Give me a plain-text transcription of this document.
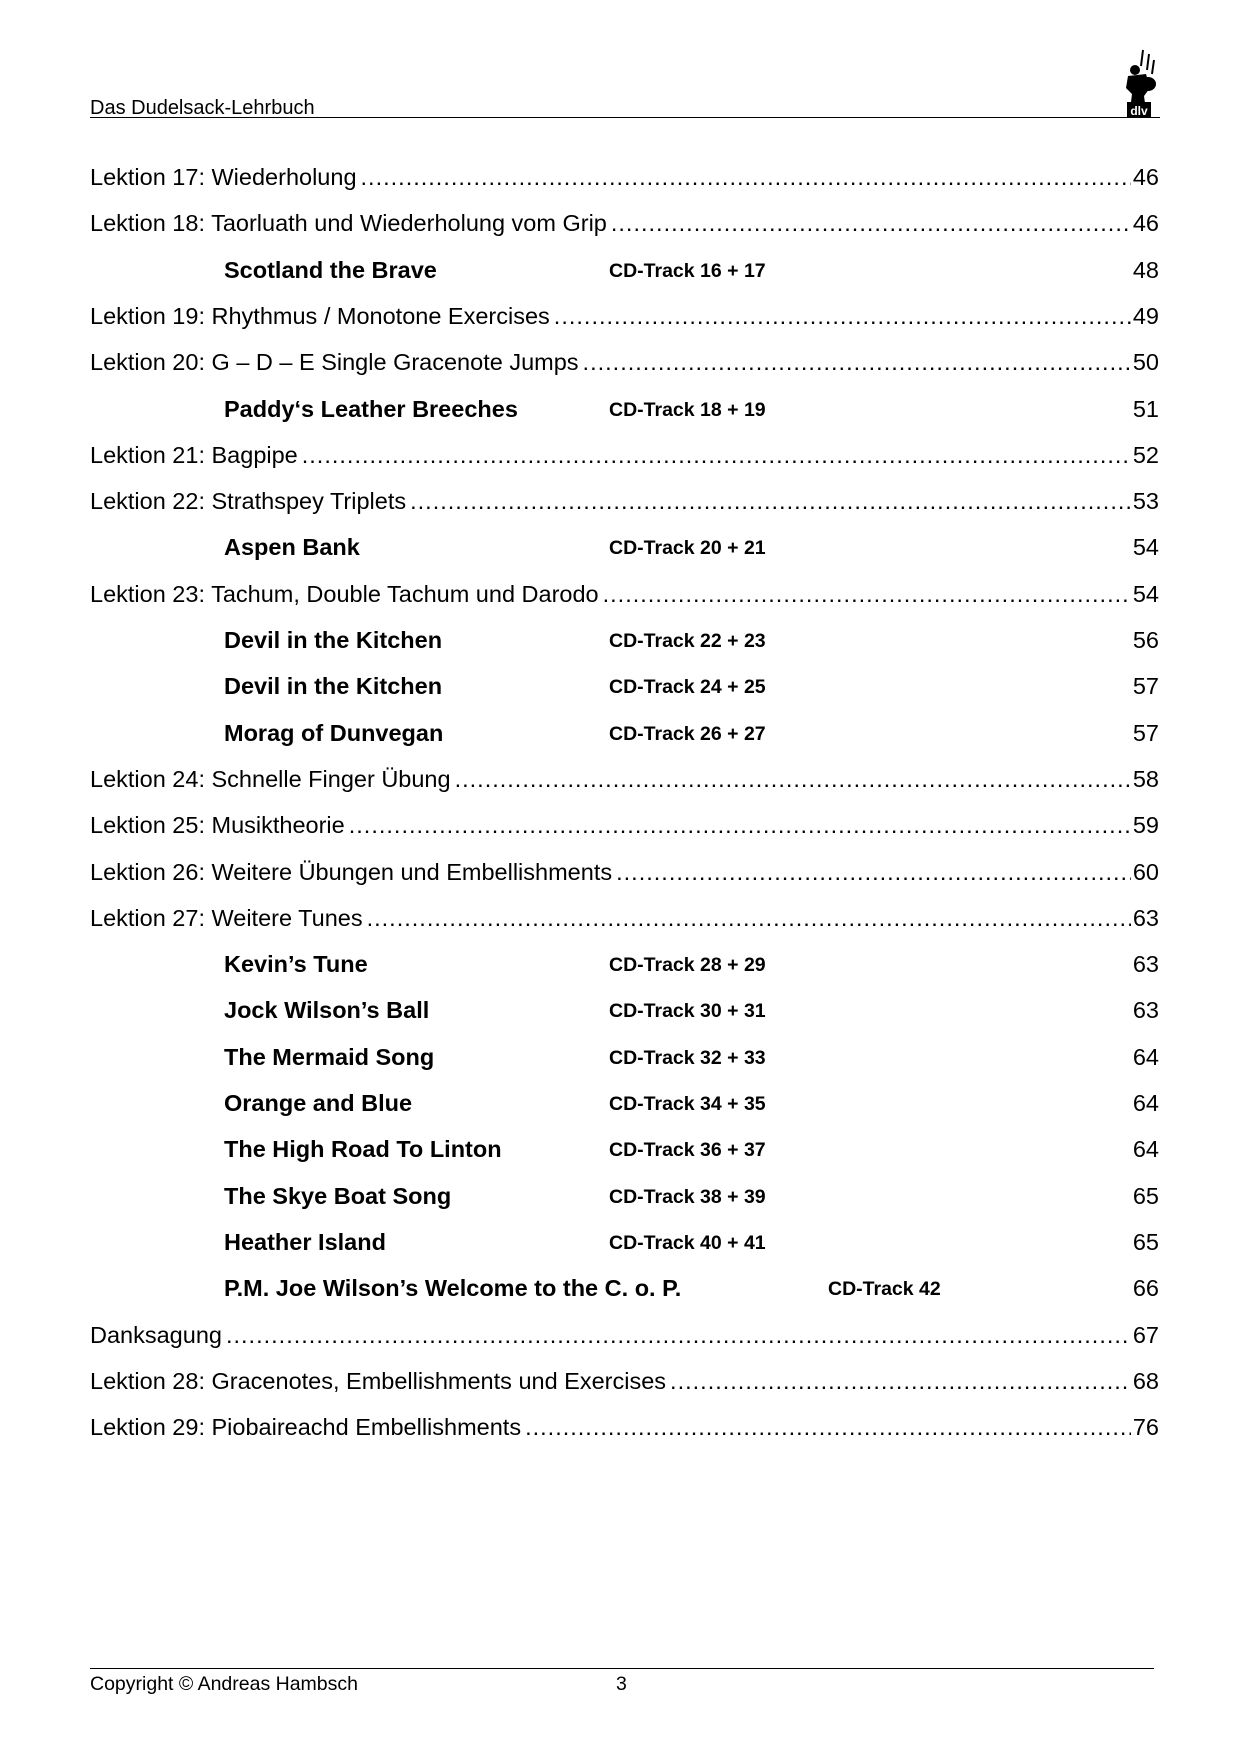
Das Dudelsack-Lehrbuch	dlv
Lektion 17: Wiederholung .....	46
Lektion 18: Taorluath und Wiederholung vom Grip .....	46
Scotland the Brave	CD-Track 16 + 17	48
Lektion 19: Rhythmus / Monotone Exercises .....	49
Lektion 20: G – D – E Single Gracenote Jumps .....	50
Paddy‘s Leather Breeches	CD-Track 18 + 19	51
Lektion 21: Bagpipe .....	52
Lektion 22: Strathspey Triplets .....	53
Aspen Bank	CD-Track 20 + 21	54
Lektion 23: Tachum, Double Tachum und Darodo .....	54
Devil in the Kitchen	CD-Track 22 + 23	56
Devil in the Kitchen	CD-Track 24 + 25	57
Morag of Dunvegan	CD-Track 26 + 27	57
Lektion 24: Schnelle Finger Übung .....	58
Lektion 25: Musiktheorie .....	59
Lektion 26: Weitere Übungen und Embellishments .....	60
Lektion 27: Weitere Tunes .....	63
Kevin’s Tune	CD-Track 28 + 29	63
Jock Wilson’s Ball	CD-Track 30 + 31	63
The Mermaid Song	CD-Track 32 + 33	64
Orange and Blue	CD-Track 34 + 35	64
The High Road To Linton	CD-Track 36 + 37	64
The Skye Boat Song	CD-Track 38 + 39	65
Heather Island	CD-Track 40 + 41	65
P.M. Joe Wilson’s Welcome to the C. o. P.	CD-Track 42	66
Danksagung .....	67
Lektion 28: Gracenotes, Embellishments und Exercises .....	68
Lektion 29: Piobaireachd Embellishments .....	76
Copyright © Andreas Hambsch	3
